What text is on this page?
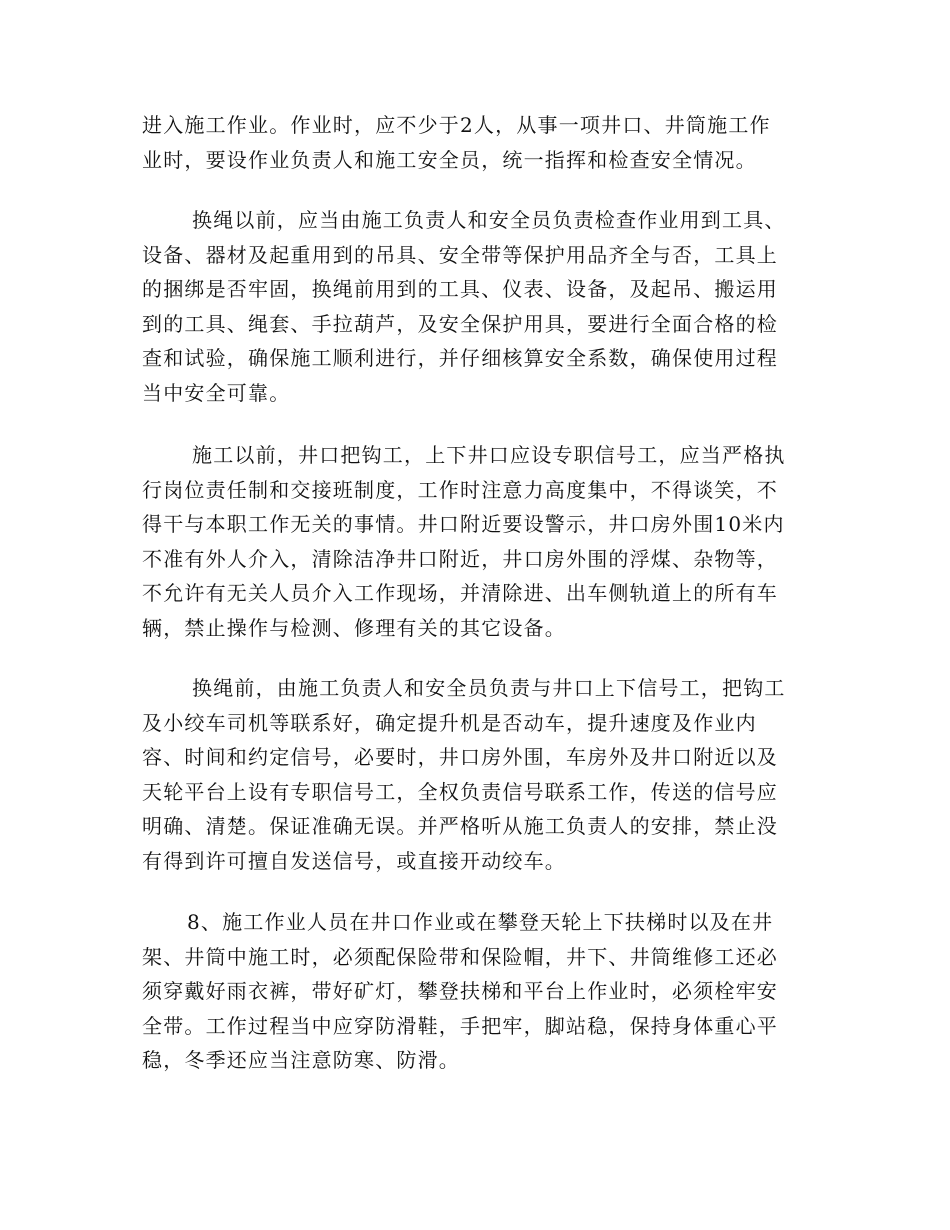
进入施工作业。作业时，应不少于2人，从事一项井口、井筒施工作
业时，要设作业负责人和施工安全员，统一指挥和检查安全情况。

换绳以前，应当由施工负责人和安全员负责检查作业用到工具、
设备、器材及起重用到的吊具、安全带等保护用品齐全与否，工具上
的捆绑是否牢固，换绳前用到的工具、仪表、设备，及起吊、搬运用
到的工具、绳套、手拉葫芦，及安全保护用具，要进行全面合格的检
查和试验，确保施工顺利进行，并仔细核算安全系数，确保使用过程
当中安全可靠。

施工以前，井口把钩工，上下井口应设专职信号工，应当严格执
行岗位责任制和交接班制度，工作时注意力高度集中，不得谈笑，不
得干与本职工作无关的事情。井口附近要设警示，井口房外围10米内
不准有外人介入，清除洁净井口附近，井口房外围的浮煤、杂物等，
不允许有无关人员介入工作现场，并清除进、出车侧轨道上的所有车
辆，禁止操作与检测、修理有关的其它设备。

换绳前，由施工负责人和安全员负责与井口上下信号工，把钩工
及小绞车司机等联系好，确定提升机是否动车，提升速度及作业内
容、时间和约定信号，必要时，井口房外围，车房外及井口附近以及
天轮平台上设有专职信号工，全权负责信号联系工作，传送的信号应
明确、清楚。保证准确无误。并严格听从施工负责人的安排，禁止没
有得到许可擅自发送信号，或直接开动绞车。

8、施工作业人员在井口作业或在攀登天轮上下扶梯时以及在井
架、井筒中施工时，必须配保险带和保险帽，井下、井筒维修工还必
须穿戴好雨衣裤，带好矿灯，攀登扶梯和平台上作业时，必须栓牢安
全带。工作过程当中应穿防滑鞋，手把牢，脚站稳，保持身体重心平
稳，冬季还应当注意防寒、防滑。
